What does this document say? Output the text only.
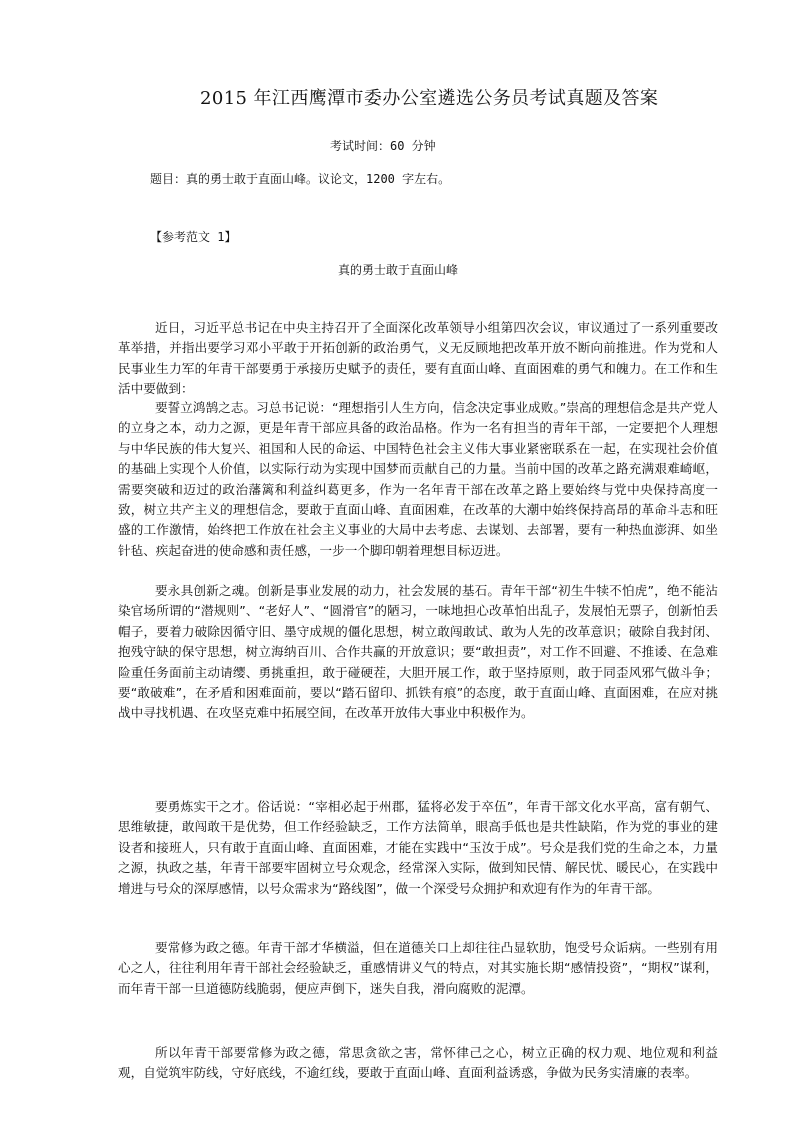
2015 年江西鹰潭市委办公室遴选公务员考试真题及答案
考试时间：60 分钟
题目：真的勇士敢于直面山峰。议论文，1200 字左右。
【参考范文 1】
真的勇士敢于直面山峰

近日，习近平总书记在中央主持召开了全面深化改革领导小组第四次会议，审议通过了一系列重要改革举措，并指出要学习邓小平敢于开拓创新的政治勇气，义无反顾地把改革开放不断向前推进。作为党和人民事业生力军的年青干部要勇于承接历史赋予的责任，要有直面山峰、直面困难的勇气和魄力。在工作和生活中要做到：

要誓立鸿鹄之志。习总书记说：“理想指引人生方向，信念决定事业成败。”崇高的理想信念是共产党人的立身之本，动力之源，更是年青干部应具备的政治品格。作为一名有担当的青年干部，一定要把个人理想与中华民族的伟大复兴、祖国和人民的命运、中国特色社会主义伟大事业紧密联系在一起，在实现社会价值的基础上实现个人价值，以实际行动为实现中国梦而贡献自己的力量。当前中国的改革之路充满艰难崎岖，需要突破和迈过的政治藩篱和利益纠葛更多，作为一名年青干部在改革之路上要始终与党中央保持高度一致，树立共产主义的理想信念，要敢于直面山峰、直面困难，在改革的大潮中始终保持高昂的革命斗志和旺盛的工作激情，始终把工作放在社会主义事业的大局中去考虑、去谋划、去部署，要有一种热血澎湃、如坐针毡、疾起奋进的使命感和责任感，一步一个脚印朝着理想目标迈进。

要永具创新之魂。创新是事业发展的动力，社会发展的基石。青年干部“初生牛犊不怕虎”，绝不能沾染官场所谓的“潜规则”、“老好人”、“圆滑官”的陋习，一味地担心改革怕出乱子，发展怕无票子，创新怕丢帽子，要着力破除因循守旧、墨守成规的僵化思想，树立敢闯敢试、敢为人先的改革意识；破除自我封闭、抱残守缺的保守思想，树立海纳百川、合作共赢的开放意识；要“敢担责”，对工作不回避、不推诿、在急难险重任务面前主动请缨、勇挑重担，敢于碰硬茬，大胆开展工作，敢于坚持原则，敢于同歪风邪气做斗争；要“敢破难”，在矛盾和困难面前，要以“踏石留印、抓铁有痕”的态度，敢于直面山峰、直面困难，在应对挑战中寻找机遇、在攻坚克难中拓展空间，在改革开放伟大事业中积极作为。

要勇炼实干之才。俗话说：“宰相必起于州郡，猛将必发于卒伍”，年青干部文化水平高，富有朝气、思维敏捷，敢闯敢干是优势，但工作经验缺乏，工作方法简单，眼高手低也是共性缺陷，作为党的事业的建设者和接班人，只有敢于直面山峰、直面困难，才能在实践中“玉汝于成”。号众是我们党的生命之本，力量之源，执政之基，年青干部要牢固树立号众观念，经常深入实际，做到知民情、解民忧、暖民心，在实践中增进与号众的深厚感情，以号众需求为“路线图”，做一个深受号众拥护和欢迎有作为的年青干部。

要常修为政之德。年青干部才华横溢，但在道德关口上却往往凸显软肋，饱受号众诟病。一些别有用心之人，往往利用年青干部社会经验缺乏，重感情讲义气的特点，对其实施长期“感情投资”，“期权”谋利，而年青干部一旦道德防线脆弱，便应声倒下，迷失自我，滑向腐败的泥潭。

所以年青干部要常修为政之德，常思贪欲之害，常怀律己之心，树立正确的权力观、地位观和利益观，自觉筑牢防线，守好底线，不逾红线，要敢于直面山峰、直面利益诱惑，争做为民务实清廉的表率。
